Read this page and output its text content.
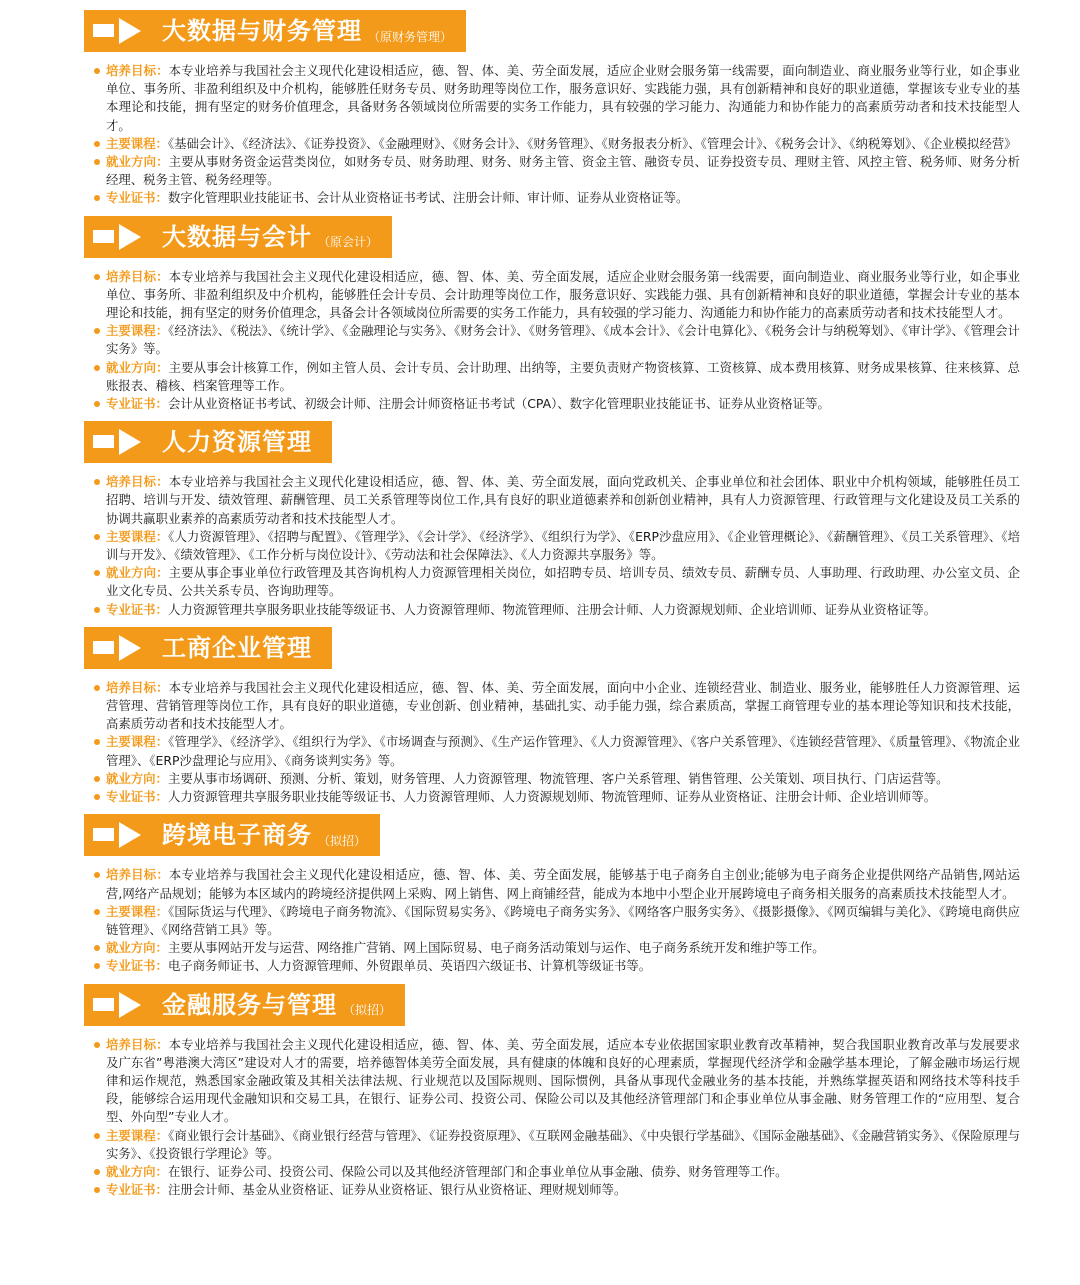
大数据与财务管理 （原财务管理）
培养目标：本专业培养与我国社会主义现代化建设相适应，德、智、体、美、劳全面发展，适应企业财会服务第一线需要，面向制造业、商业服务业等行业，如企事业单位、事务所、非盈利组织及中介机构，能够胜任财务专员、财务助理等岗位工作，服务意识好、实践能力强，具有创新精神和良好的职业道德，掌握该专业专业的基本理论和技能，拥有坚定的财务价值理念，具备财务各领域岗位所需要的实务工作能力，具有较强的学习能力、沟通能力和协作能力的高素质劳动者和技术技能型人才。
主要课程：《基础会计》、《经济法》、《证券投资》、《金融理财》、《财务会计》、《财务管理》、《财务报表分析》、《管理会计》、《税务会计》、《纳税筹划》、《企业模拟经营》
就业方向：主要从事财务资金运营类岗位，如财务专员、财务助理、财务、财务主管、资金主管、融资专员、证券投资专员、理财主管、风控主管、税务师、财务分析经理、税务主管、税务经理等。
专业证书：数字化管理职业技能证书、会计从业资格证书考试、注册会计师、审计师、证券从业资格证等。
大数据与会计 （原会计）
培养目标：本专业培养与我国社会主义现代化建设相适应，德、智、体、美、劳全面发展，适应企业财会服务第一线需要，面向制造业、商业服务业等行业，如企事业单位、事务所、非盈利组织及中介机构，能够胜任会计专员、会计助理等岗位工作，服务意识好、实践能力强、具有创新精神和良好的职业道德，掌握会计专业的基本理论和技能，拥有坚定的财务价值理念，具备会计各领域岗位所需要的实务工作能力，具有较强的学习能力、沟通能力和协作能力的高素质劳动者和技术技能型人才。
主要课程：《经济法》、《税法》、《统计学》、《金融理论与实务》、《财务会计》、《财务管理》、《成本会计》、《会计电算化》、《税务会计与纳税筹划》、《审计学》、《管理会计实务》等。
就业方向：主要从事会计核算工作，例如主管人员、会计专员、会计助理、出纳等，主要负责财产物资核算、工资核算、成本费用核算、财务成果核算、往来核算、总账报表、稽核、档案管理等工作。
专业证书：会计从业资格证书考试、初级会计师、注册会计师资格证书考试（CPA）、数字化管理职业技能证书、证券从业资格证等。
人力资源管理
培养目标：本专业培养与我国社会主义现代化建设相适应，德、智、体、美、劳全面发展，面向党政机关、企事业单位和社会团体、职业中介机构领域，能够胜任员工招聘、培训与开发、绩效管理、薪酬管理、员工关系管理等岗位工作,具有良好的职业道德素养和创新创业精神，具有人力资源管理、行政管理与文化建设及员工关系的协调共赢职业素养的高素质劳动者和技术技能型人才。
主要课程：《人力资源管理》、《招聘与配置》、《管理学》、《会计学》、《经济学》、《组织行为学》、《ERP沙盘应用》、《企业管理概论》、《薪酬管理》、《员工关系管理》、《培训与开发》、《绩效管理》、《工作分析与岗位设计》、《劳动法和社会保障法》、《人力资源共享服务》等。
就业方向：主要从事企事业单位行政管理及其咨询机构人力资源管理相关岗位，如招聘专员、培训专员、绩效专员、薪酬专员、人事助理、行政助理、办公室文员、企业文化专员、公共关系专员、咨询助理等。
专业证书：人力资源管理共享服务职业技能等级证书、人力资源管理师、物流管理师、注册会计师、人力资源规划师、企业培训师、证券从业资格证等。
工商企业管理
培养目标：本专业培养与我国社会主义现代化建设相适应，德、智、体、美、劳全面发展，面向中小企业、连锁经营业、制造业、服务业，能够胜任人力资源管理、运营管理、营销管理等岗位工作，具有良好的职业道德，专业创新、创业精神，基础扎实、动手能力强，综合素质高，掌握工商管理专业的基本理论等知识和技术技能，高素质劳动者和技术技能型人才。
主要课程：《管理学》、《经济学》、《组织行为学》、《市场调查与预测》、《生产运作管理》、《人力资源管理》、《客户关系管理》、《连锁经营管理》、《质量管理》、《物流企业管理》、《ERP沙盘理论与应用》、《商务谈判实务》等。
就业方向：主要从事市场调研、预测、分析、策划，财务管理、人力资源管理、物流管理、客户关系管理、销售管理、公关策划、项目执行、门店运营等。
专业证书：人力资源管理共享服务职业技能等级证书、人力资源管理师、人力资源规划师、物流管理师、证券从业资格证、注册会计师、企业培训师等。
跨境电子商务 （拟招）
培养目标：本专业培养与我国社会主义现代化建设相适应，德、智、体、美、劳全面发展，能够基于电子商务自主创业;能够为电子商务企业提供网络产品销售,网站运营,网络产品规划；能够为本区域内的跨境经济提供网上采购、网上销售、网上商铺经营，能成为本地中小型企业开展跨境电子商务相关服务的高素质技术技能型人才。
主要课程：《国际货运与代理》、《跨境电子商务物流》、《国际贸易实务》、《跨境电子商务实务》、《网络客户服务实务》、《摄影摄像》、《网页编辑与美化》、《跨境电商供应链管理》、《网络营销工具》等。
就业方向：主要从事网站开发与运营、网络推广营销、网上国际贸易、电子商务活动策划与运作、电子商务系统开发和维护等工作。
专业证书：电子商务师证书、人力资源管理师、外贸跟单员、英语四六级证书、计算机等级证书等。
金融服务与管理 （拟招）
培养目标：本专业培养与我国社会主义现代化建设相适应，德、智、体、美、劳全面发展，适应本专业依据国家职业教育改革精神，契合我国职业教育改革与发展要求及广东省”粤港澳大湾区”建设对人才的需要，培养德智体美劳全面发展，具有健康的体魄和良好的心理素质，掌握现代经济学和金融学基本理论，了解金融市场运行规律和运作规范，熟悉国家金融政策及其相关法律法规、行业规范以及国际规则、国际惯例，具备从事现代金融业务的基本技能，并熟练掌握英语和网络技术等科技手段，能够综合运用现代金融知识和交易工具，在银行、证券公司、投资公司、保险公司以及其他经济管理部门和企事业单位从事金融、财务管理工作的“应用型、复合型、外向型”专业人才。
主要课程：《商业银行会计基础》、《商业银行经营与管理》、《证券投资原理》、《互联网金融基础》、《中央银行学基础》、《国际金融基础》、《金融营销实务》、《保险原理与实务》、《投资银行学理论》等。
就业方向：在银行、证券公司、投资公司、保险公司以及其他经济管理部门和企事业单位从事金融、债券、财务管理等工作。
专业证书：注册会计师、基金从业资格证、证券从业资格证、银行从业资格证、理财规划师等。
